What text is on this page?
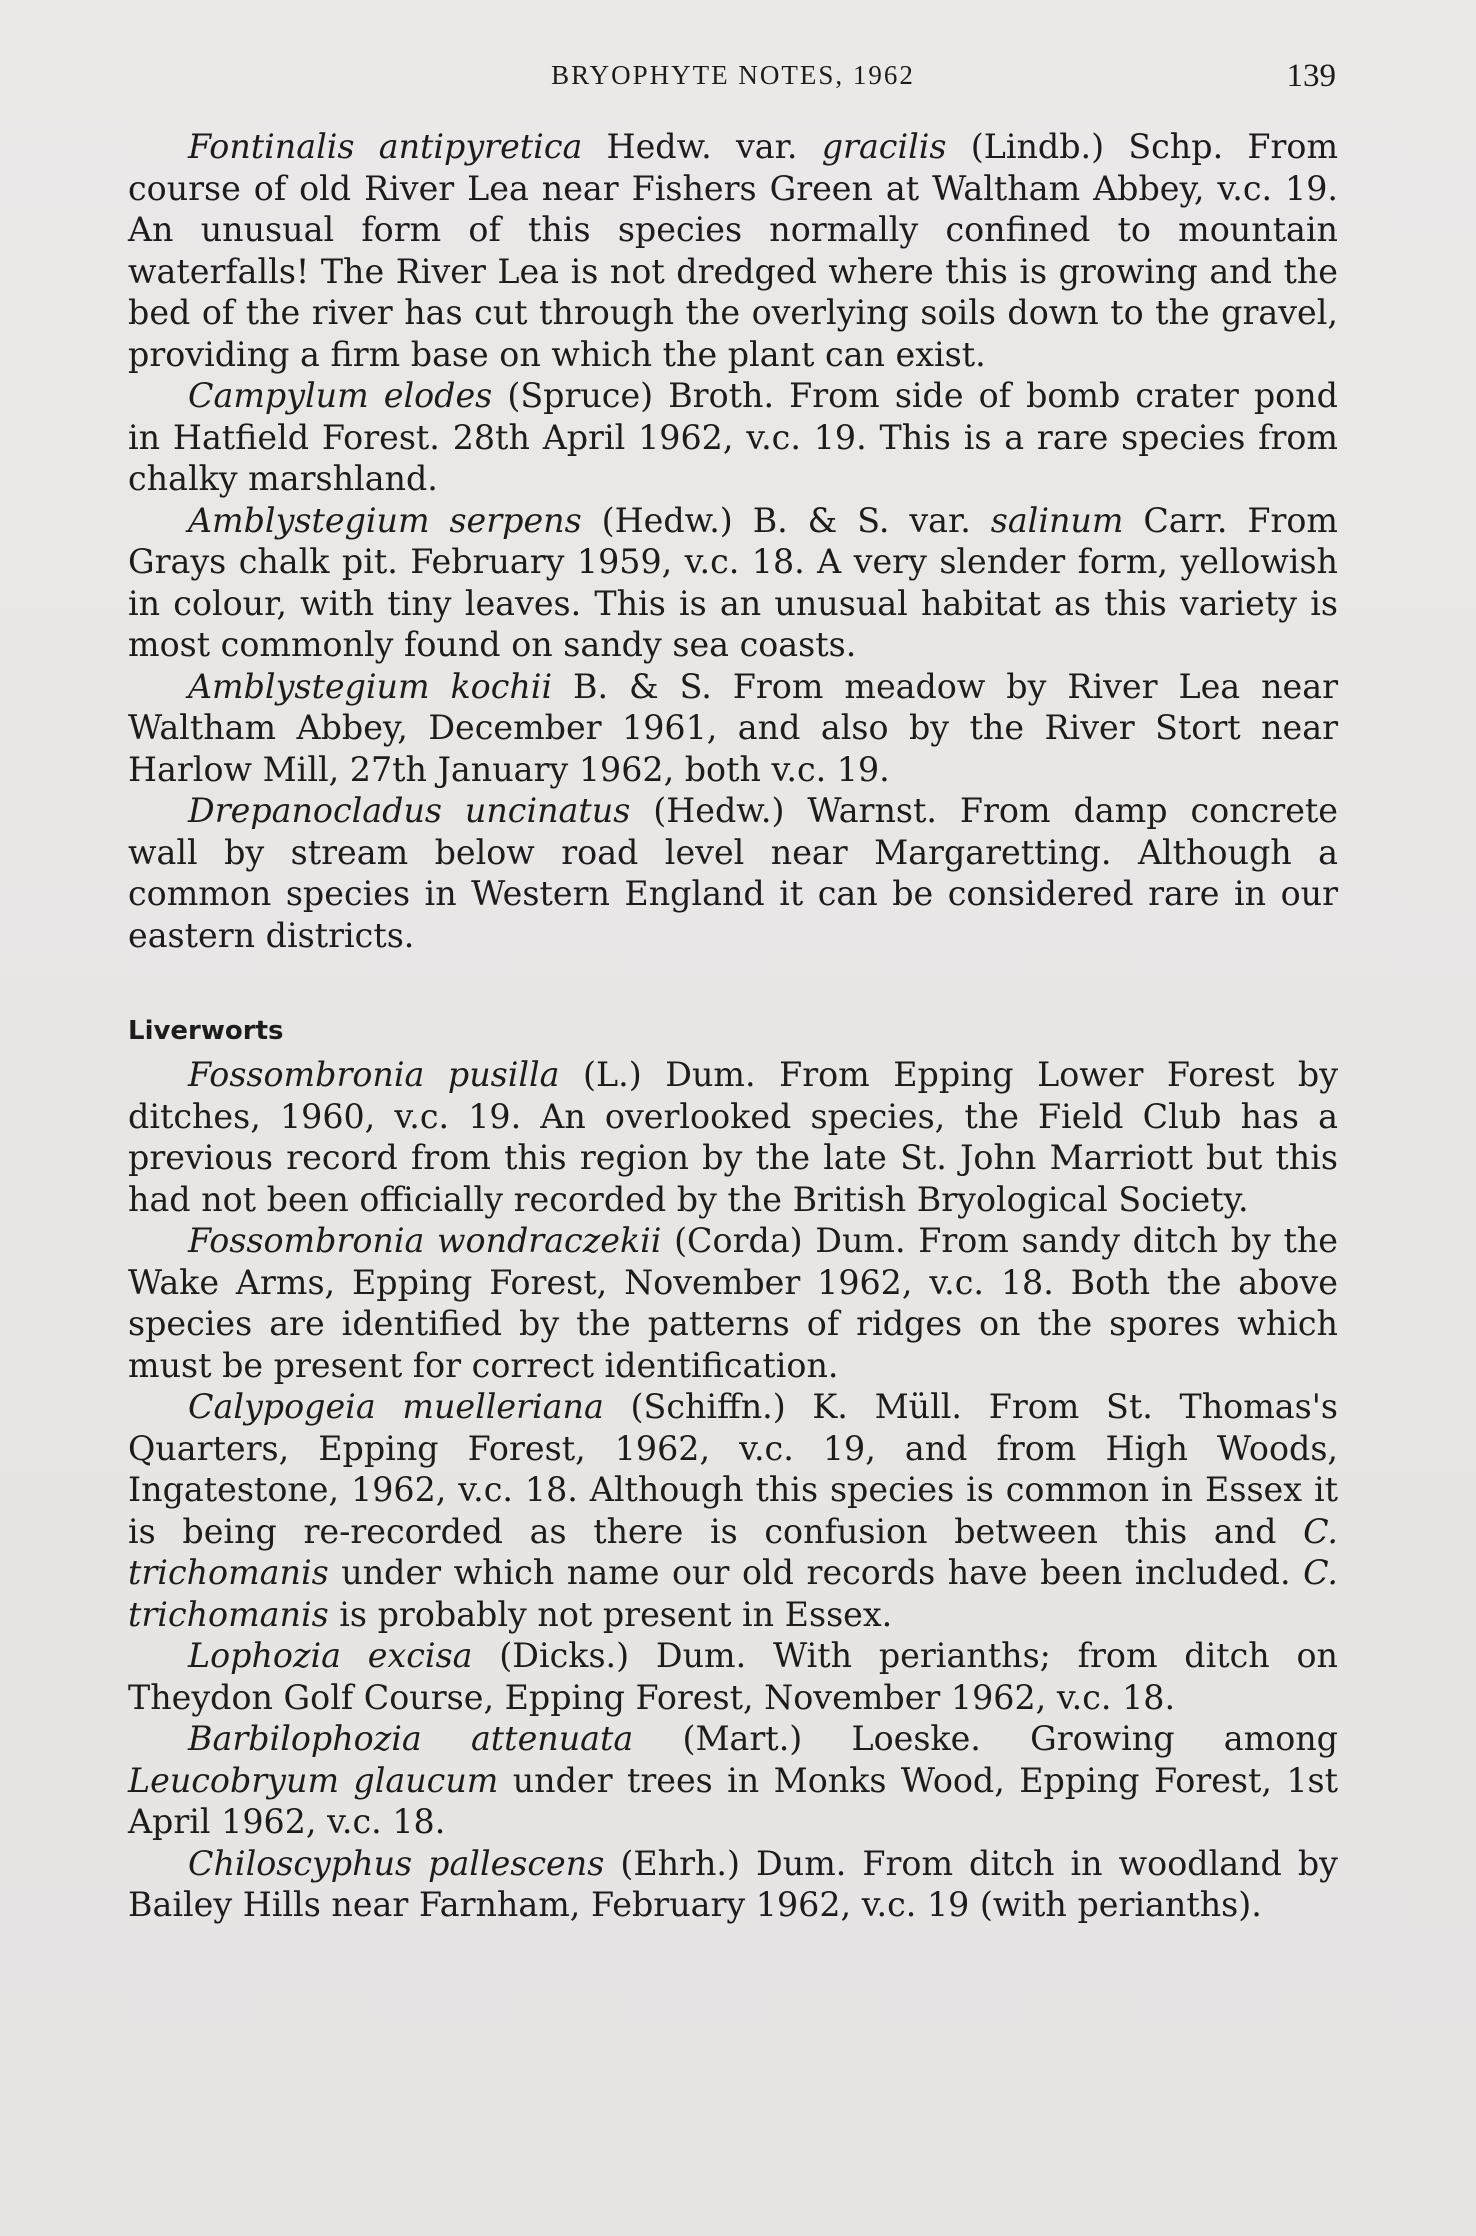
BRYOPHYTE NOTES, 1962	139

Fontinalis antipyretica Hedw. var. gracilis (Lindb.) Schp. From course of old River Lea near Fishers Green at Waltham Abbey, v.c. 19. An unusual form of this species normally confined to mountain waterfalls! The River Lea is not dredged where this is growing and the bed of the river has cut through the overlying soils down to the gravel, providing a firm base on which the plant can exist.

Campylum elodes (Spruce) Broth. From side of bomb crater pond in Hatfield Forest. 28th April 1962, v.c. 19. This is a rare species from chalky marshland.

Amblystegium serpens (Hedw.) B. & S. var. salinum Carr. From Grays chalk pit. February 1959, v.c. 18. A very slender form, yellowish in colour, with tiny leaves. This is an unusual habitat as this variety is most commonly found on sandy sea coasts.

Amblystegium kochii B. & S. From meadow by River Lea near Waltham Abbey, December 1961, and also by the River Stort near Harlow Mill, 27th January 1962, both v.c. 19.

Drepanocladus uncinatus (Hedw.) Warnst. From damp concrete wall by stream below road level near Margaretting. Although a common species in Western England it can be considered rare in our eastern districts.

Liverworts

Fossombronia pusilla (L.) Dum. From Epping Lower Forest by ditches, 1960, v.c. 19. An overlooked species, the Field Club has a previous record from this region by the late St. John Marriott but this had not been officially recorded by the British Bryological Society.

Fossombronia wondraczekii (Corda) Dum. From sandy ditch by the Wake Arms, Epping Forest, November 1962, v.c. 18. Both the above species are identified by the patterns of ridges on the spores which must be present for correct identification.

Calypogeia muelleriana (Schiffn.) K. Müll. From St. Thomas's Quarters, Epping Forest, 1962, v.c. 19, and from High Woods, Ingatestone, 1962, v.c. 18. Although this species is common in Essex it is being re-recorded as there is confusion between this and C. trichomanis under which name our old records have been included. C. trichomanis is probably not present in Essex.

Lophozia excisa (Dicks.) Dum. With perianths; from ditch on Theydon Golf Course, Epping Forest, November 1962, v.c. 18.

Barbilophozia attenuata (Mart.) Loeske. Growing among Leucobryum glaucum under trees in Monks Wood, Epping Forest, 1st April 1962, v.c. 18.

Chiloscyphus pallescens (Ehrh.) Dum. From ditch in woodland by Bailey Hills near Farnham, February 1962, v.c. 19 (with perianths).
